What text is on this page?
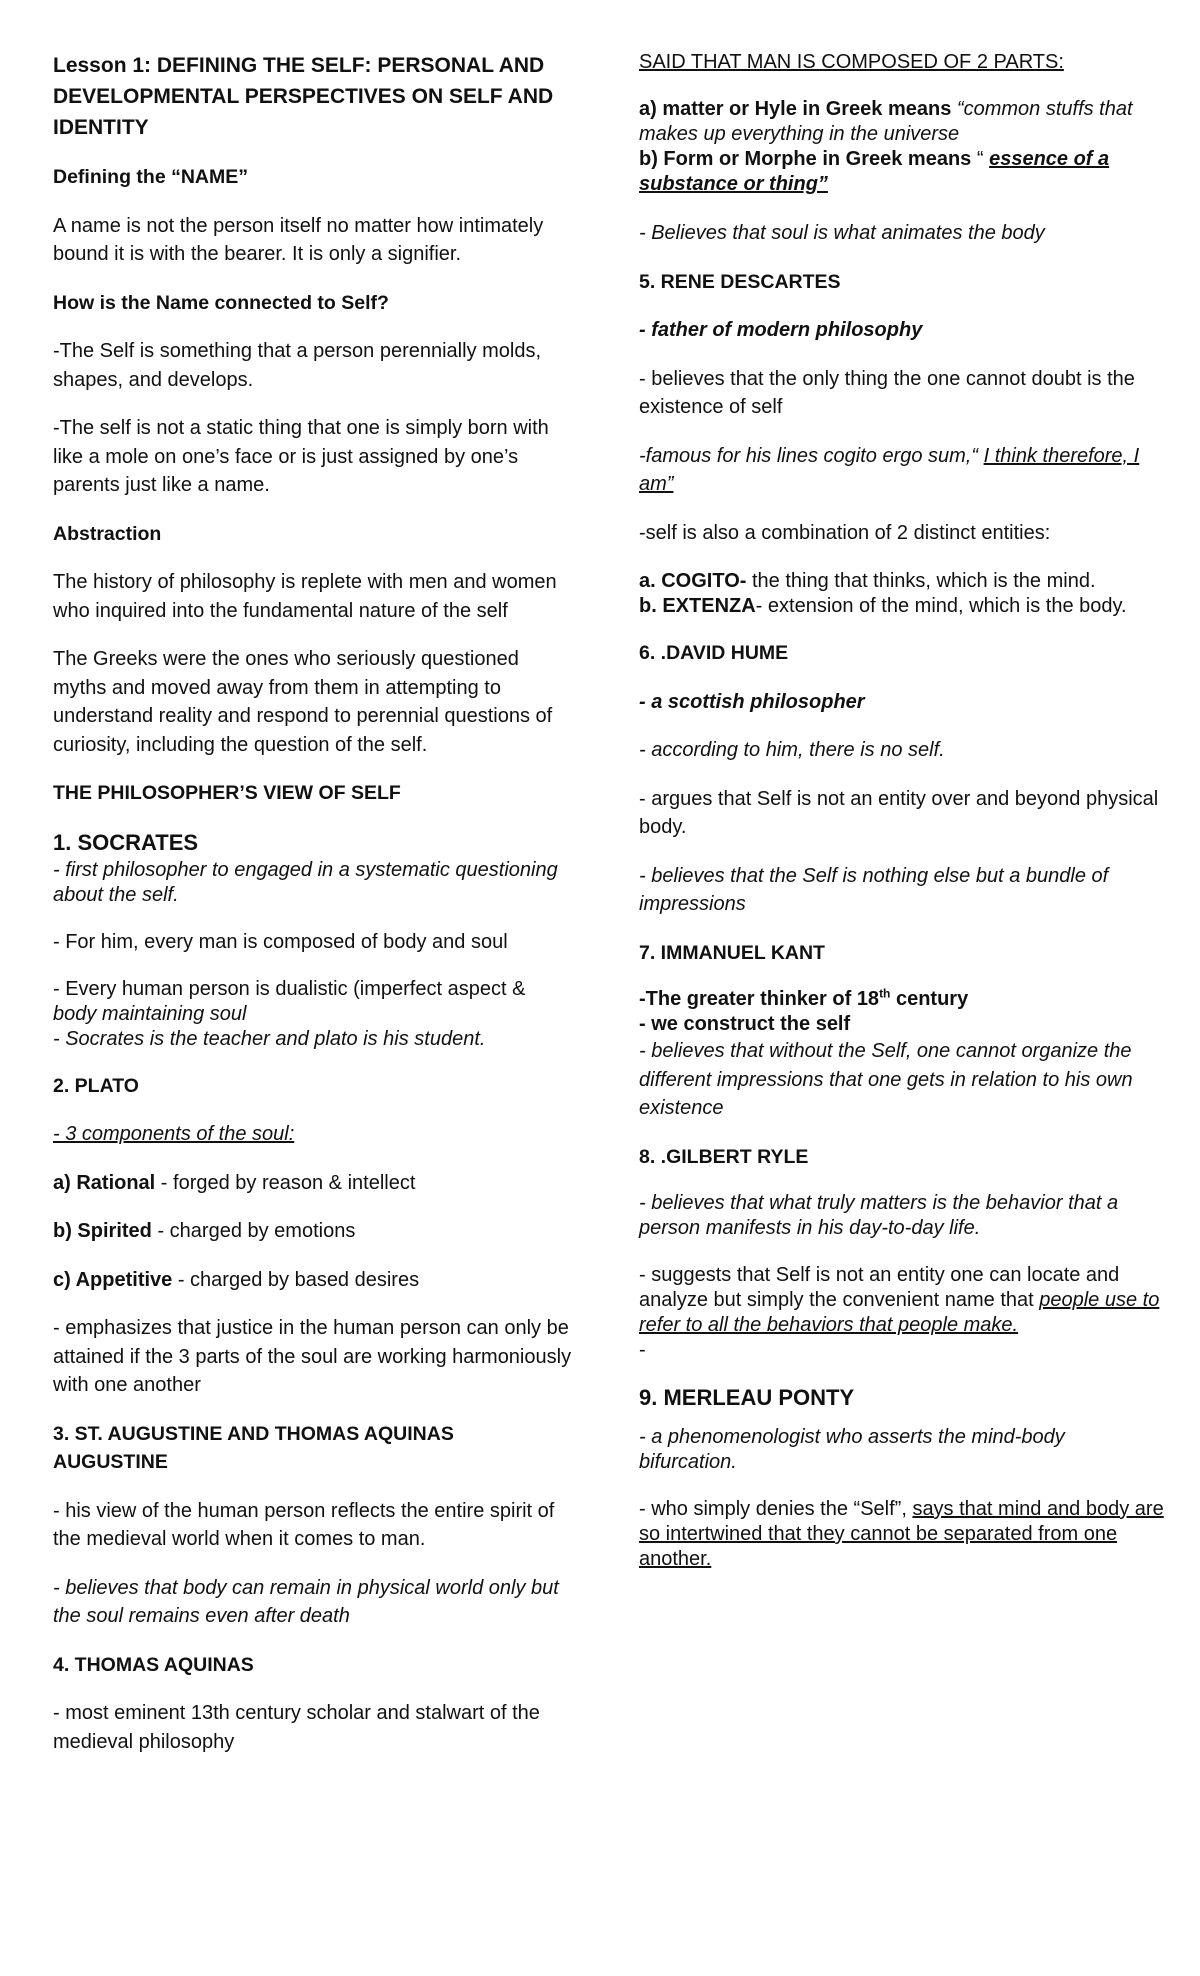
Lesson 1: DEFINING THE SELF: PERSONAL AND DEVELOPMENTAL PERSPECTIVES ON SELF AND IDENTITY

Defining the “NAME”

A name is not the person itself no matter how intimately bound it is with the bearer. It is only a signifier.

How is the Name connected to Self?

-The Self is something that a person perennially molds, shapes, and develops.

-The self is not a static thing that one is simply born with like a mole on one’s face or is just assigned by one’s parents just like a name.

Abstraction

The history of philosophy is replete with men and women who inquired into the fundamental nature of the self

The Greeks were the ones who seriously questioned myths and moved away from them in attempting to understand reality and respond to perennial questions of curiosity, including the question of the self.

THE PHILOSOPHER’S VIEW OF SELF

1. SOCRATES

- first philosopher to engaged in a systematic questioning about the self.

- For him, every man is composed of body and soul

- Every human person is dualistic (imperfect aspect & body maintaining soul

- Socrates is the teacher and plato is his student.

2. PLATO

- 3 components of the soul:

a) Rational - forged by reason & intellect

b) Spirited - charged by emotions

c) Appetitive - charged by based desires

- emphasizes that justice in the human person can only be attained if the 3 parts of the soul are working harmoniously with one another

3. ST. AUGUSTINE AND THOMAS AQUINAS AUGUSTINE

- his view of the human person reflects the entire spirit of the medieval world when it comes to man.

- believes that body can remain in physical world only but the soul remains even after death

4. THOMAS AQUINAS

- most eminent 13th century scholar and stalwart of the medieval philosophy

SAID THAT MAN IS COMPOSED OF 2 PARTS:

a) matter or Hyle in Greek means “common stuffs that makes up everything in the universe

b) Form or Morphe in Greek means “ essence of a substance or thing”

- Believes that soul is what animates the body

5. RENE DESCARTES

- father of modern philosophy

- believes that the only thing the one cannot doubt is the existence of self

-famous for his lines cogito ergo sum,“ I think therefore, I am”

-self is also a combination of 2 distinct entities:

a. COGITO- the thing that thinks, which is the mind.

b. EXTENZA- extension of the mind, which is the body.

6. .DAVID HUME

- a scottish philosopher

- according to him, there is no self.

- argues that Self is not an entity over and beyond physical body.

- believes that the Self is nothing else but a bundle of impressions

7. IMMANUEL KANT

-The greater thinker of 18th century

- we construct the self

- believes that without the Self, one cannot organize the different impressions that one gets in relation to his own existence

8. .GILBERT RYLE

- believes that what truly matters is the behavior that a person manifests in his day-to-day life.

- suggests that Self is not an entity one can locate and analyze but simply the convenient name that people use to refer to all the behaviors that people make.

-

9. MERLEAU PONTY

- a phenomenologist who asserts the mind-body bifurcation.

- who simply denies the “Self”, says that mind and body are so intertwined that they cannot be separated from one another.
